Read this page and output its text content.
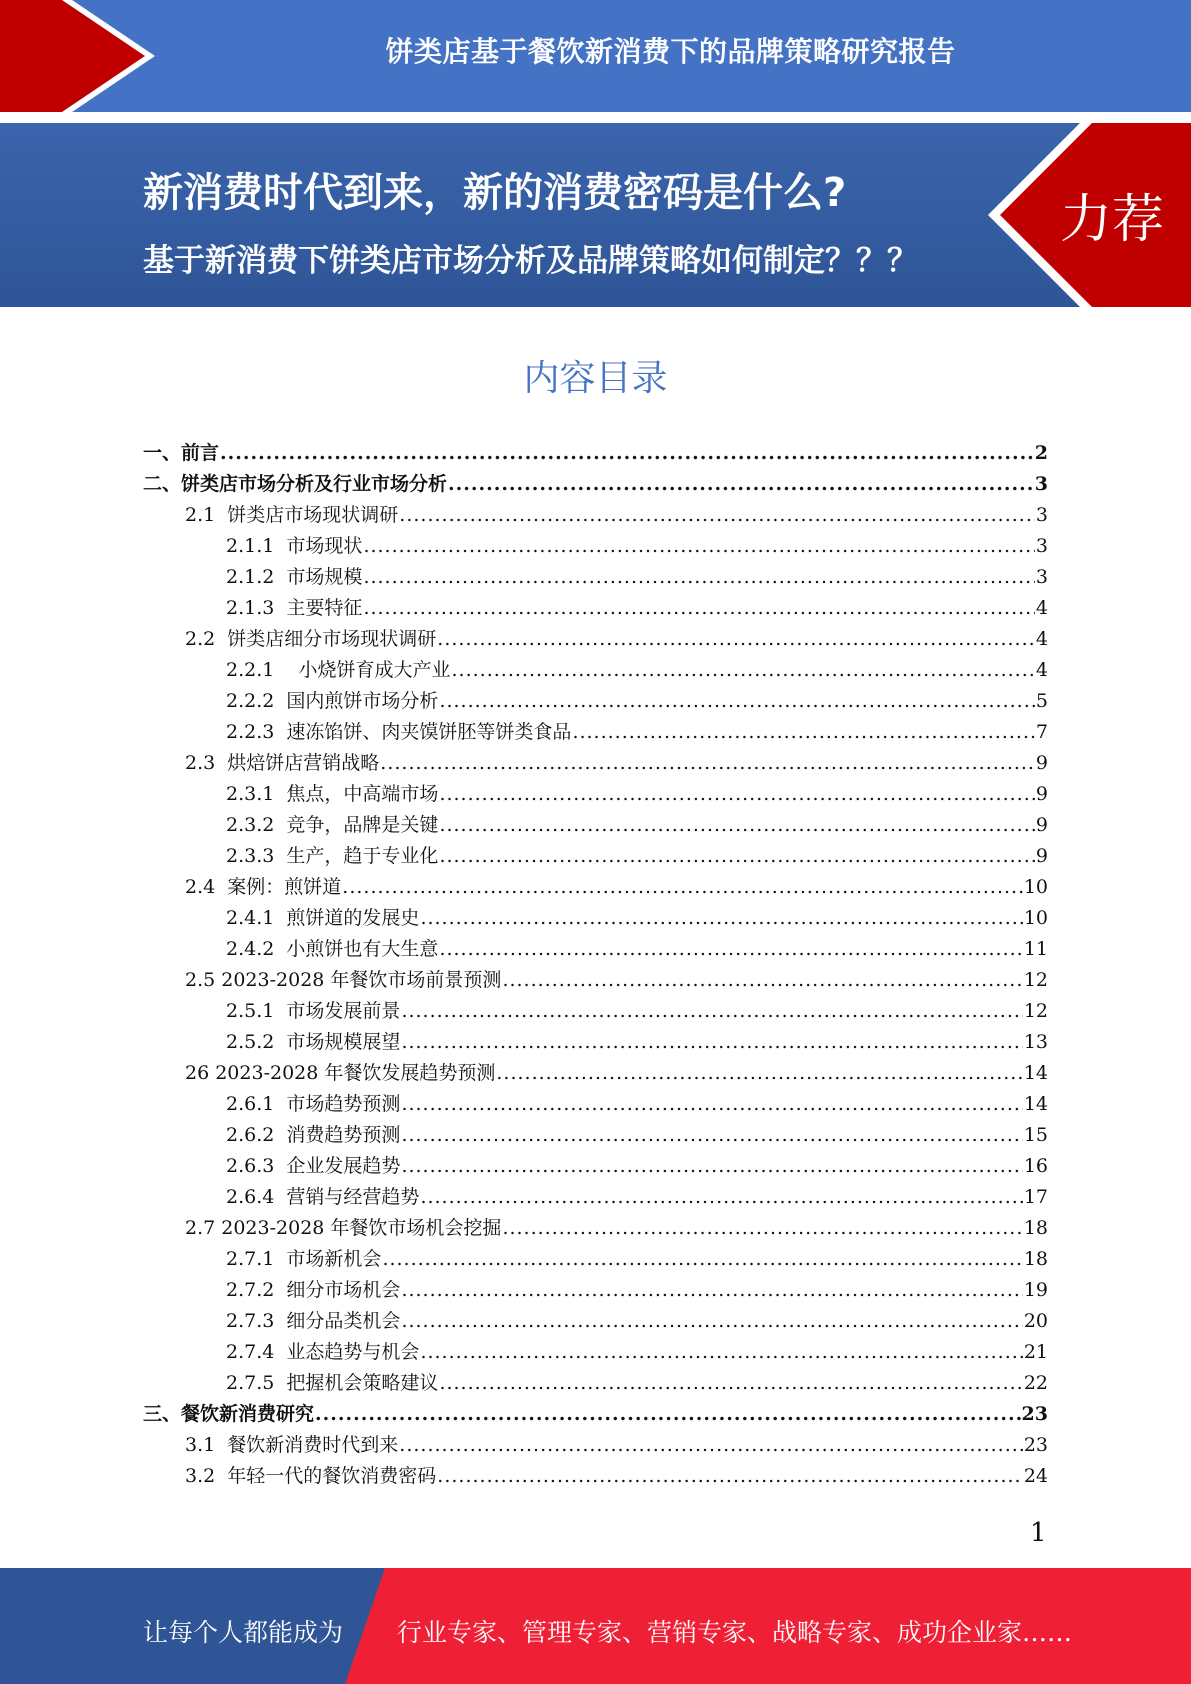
饼类店基于餐饮新消费下的品牌策略研究报告
新消费时代到来，新的消费密码是什么?
基于新消费下饼类店市场分析及品牌策略如何制定？？？
力荐
内容目录
一、前言 .....	2
二、饼类店市场分析及行业市场分析 .....	3
2.1  饼类店市场现状调研 .....	3
2.1.1  市场现状 .....	3
2.1.2  市场规模 .....	3
2.1.3  主要特征 .....	4
2.2  饼类店细分市场现状调研 .....	4
2.2.1    小烧饼育成大产业 .....	4
2.2.2  国内煎饼市场分析 .....	5
2.2.3  速冻馅饼、肉夹馍饼胚等饼类食品 .....	7
2.3  烘焙饼店营销战略 .....	9
2.3.1  焦点，中高端市场 .....	9
2.3.2  竞争，品牌是关键 .....	9
2.3.3  生产，趋于专业化 .....	9
2.4  案例：煎饼道 .....	10
2.4.1  煎饼道的发展史 .....	10
2.4.2  小煎饼也有大生意 .....	11
2.5 2023-2028 年餐饮市场前景预测 .....	12
2.5.1  市场发展前景 .....	12
2.5.2  市场规模展望 .....	13
26 2023-2028 年餐饮发展趋势预测 .....	14
2.6.1  市场趋势预测 .....	14
2.6.2  消费趋势预测 .....	15
2.6.3  企业发展趋势 .....	16
2.6.4  营销与经营趋势 .....	17
2.7 2023-2028 年餐饮市场机会挖掘 .....	18
2.7.1  市场新机会 .....	18
2.7.2  细分市场机会 .....	19
2.7.3  细分品类机会 .....	20
2.7.4  业态趋势与机会 .....	21
2.7.5  把握机会策略建议 .....	22
三、餐饮新消费研究 .....	23
3.1  餐饮新消费时代到来 .....	23
3.2  年轻一代的餐饮消费密码 .....	24
1
让每个人都能成为 行业专家、管理专家、营销专家、战略专家、成功企业家……
